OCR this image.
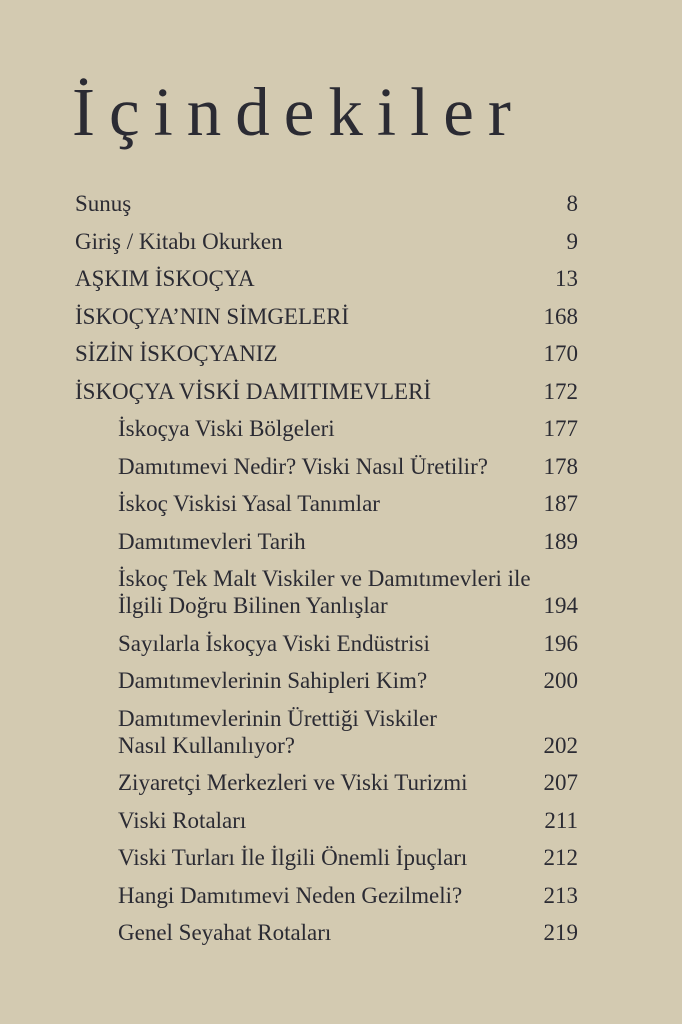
İçindekiler
Sunuş	8
Giriş / Kitabı Okurken	9
AŞKIM İSKOÇYA	13
İSKOÇYA’NIN SİMGELERİ	168
SİZİN İSKOÇYANIZ	170
İSKOÇYA VİSKİ DAMITIMEVLERİ	172
İskoçya Viski Bölgeleri	177
Damıtımevi Nedir? Viski Nasıl Üretilir?	178
İskoç Viskisi Yasal Tanımlar	187
Damıtımevleri Tarih	189
İskoç Tek Malt Viskiler ve Damıtımevleri ile
İlgili Doğru Bilinen Yanlışlar	194
Sayılarla İskoçya Viski Endüstrisi	196
Damıtımevlerinin Sahipleri Kim?	200
Damıtımevlerinin Ürettiği Viskiler
Nasıl Kullanılıyor?	202
Ziyaretçi Merkezleri ve Viski Turizmi	207
Viski Rotaları	211
Viski Turları İle İlgili Önemli İpuçları	212
Hangi Damıtımevi Neden Gezilmeli?	213
Genel Seyahat Rotaları	219
